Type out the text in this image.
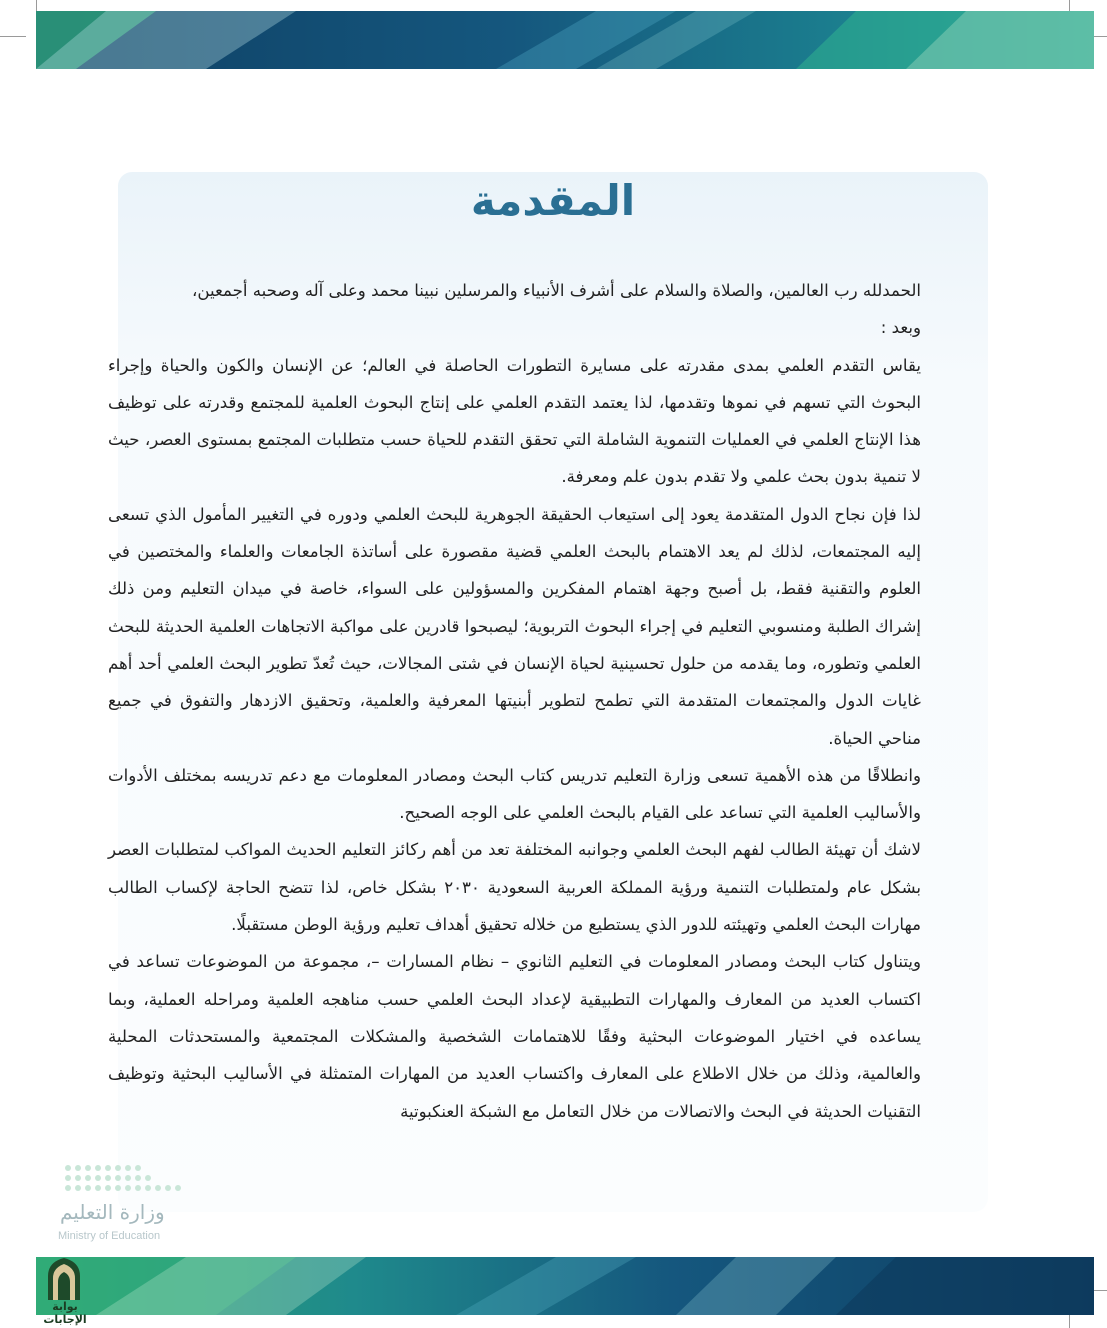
المقدمة

الحمدلله رب العالمين، والصلاة والسلام على أشرف الأنبياء والمرسلين نبينا محمد وعلى آله وصحبه أجمعين،

وبعد :

يقاس التقدم العلمي بمدى مقدرته على مسايرة التطورات الحاصلة في العالم؛ عن الإنسان والكون والحياة وإجراء البحوث التي تسهم في نموها وتقدمها، لذا يعتمد التقدم العلمي على إنتاج البحوث العلمية للمجتمع وقدرته على توظيف هذا الإنتاج العلمي في العمليات التنموية الشاملة التي تحقق التقدم للحياة حسب متطلبات المجتمع بمستوى العصر، حيث لا تنمية بدون بحث علمي ولا تقدم بدون علم ومعرفة.

لذا فإن نجاح الدول المتقدمة يعود إلى استيعاب الحقيقة الجوهرية للبحث العلمي ودوره في التغيير المأمول الذي تسعى إليه المجتمعات، لذلك لم يعد الاهتمام بالبحث العلمي قضية مقصورة على أساتذة الجامعات والعلماء والمختصين في العلوم والتقنية فقط، بل أصبح وجهة اهتمام المفكرين والمسؤولين على السواء، خاصة في ميدان التعليم ومن ذلك إشراك الطلبة ومنسوبي التعليم في إجراء البحوث التربوية؛ ليصبحوا قادرين على مواكبة الاتجاهات العلمية الحديثة للبحث العلمي وتطوره، وما يقدمه من حلول تحسينية لحياة الإنسان في شتى المجالات، حيث تُعدّ تطوير البحث العلمي أحد أهم غايات الدول والمجتمعات المتقدمة التي تطمح لتطوير أبنيتها المعرفية والعلمية، وتحقيق الازدهار والتفوق في جميع مناحي الحياة.

وانطلاقًا من هذه الأهمية تسعى وزارة التعليم تدريس كتاب البحث ومصادر المعلومات مع دعم تدريسه بمختلف الأدوات والأساليب العلمية التي تساعد على القيام بالبحث العلمي على الوجه الصحيح.

لاشك أن تهيئة الطالب لفهم البحث العلمي وجوانبه المختلفة تعد من أهم ركائز التعليم الحديث المواكب لمتطلبات العصر بشكل عام ولمتطلبات التنمية ورؤية المملكة العربية السعودية ٢٠٣٠ بشكل خاص، لذا تتضح الحاجة لإكساب الطالب مهارات البحث العلمي وتهيئته للدور الذي يستطيع من خلاله تحقيق أهداف تعليم ورؤية الوطن مستقبلًا.

ويتناول كتاب البحث ومصادر المعلومات في التعليم الثانوي – نظام المسارات –، مجموعة من الموضوعات تساعد في اكتساب العديد من المعارف والمهارات التطبيقية لإعداد البحث العلمي حسب مناهجه العلمية ومراحله العملية، وبما يساعده في اختيار الموضوعات البحثية وفقًا للاهتمامات الشخصية والمشكلات المجتمعية والمستحدثات المحلية والعالمية، وذلك من خلال الاطلاع على المعارف واكتساب العديد من المهارات المتمثلة في الأساليب البحثية وتوظيف التقنيات الحديثة في البحث والاتصالات من خلال التعامل مع الشبكة العنكبوتية

وزارة التعليم
Ministry of Education
بوابة الإجابات
